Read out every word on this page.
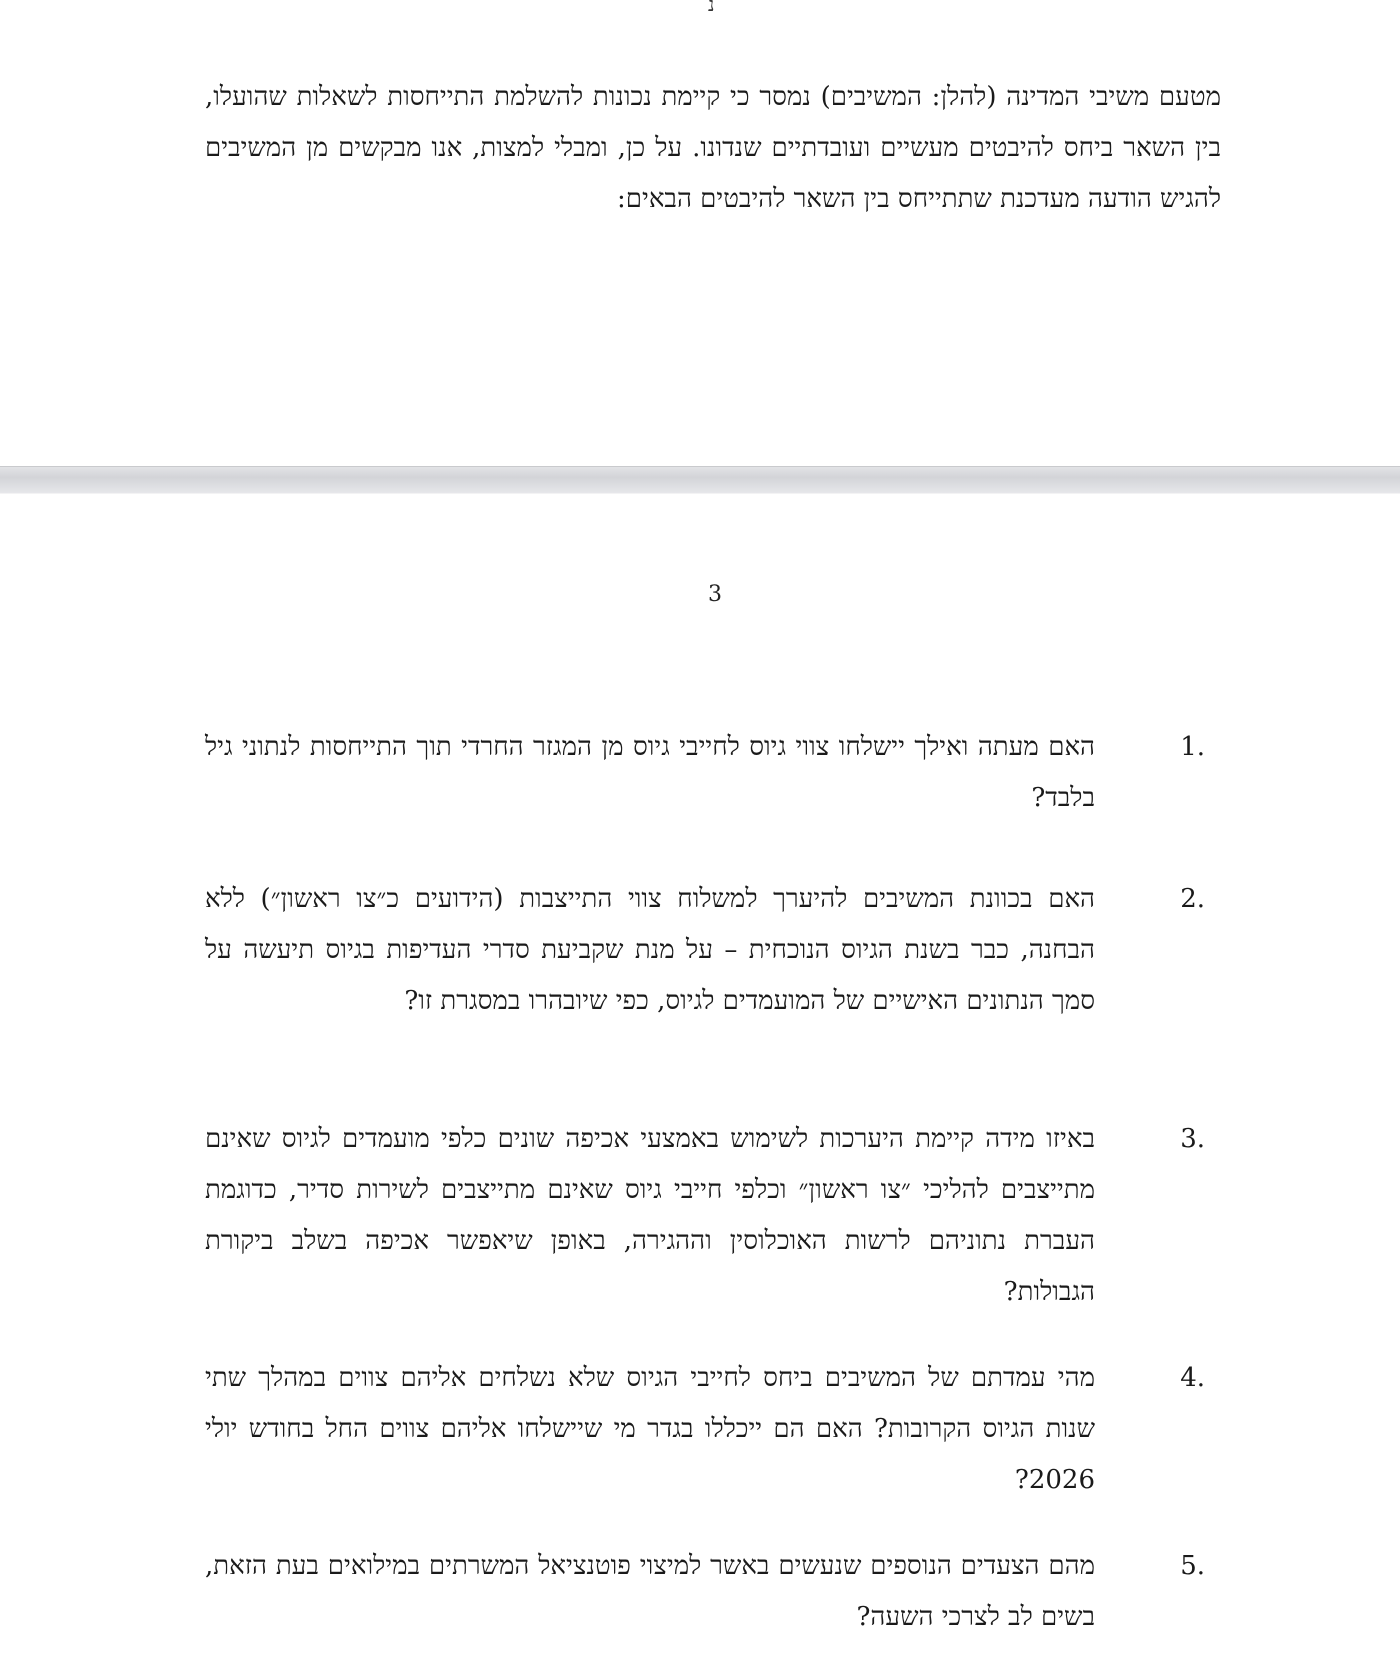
נ

מטעם משיבי המדינה (להלן: המשיבים) נמסר כי קיימת נכונות להשלמת התייחסות לשאלות שהועלו, בין השאר ביחס להיבטים מעשיים ועובדתיים שנדונו. על כן, ומבלי למצות, אנו מבקשים מן המשיבים להגיש הודעה מעדכנת שתתייחס בין השאר להיבטים הבאים:

3
.1
האם מעתה ואילך יישלחו צווי גיוס לחייבי גיוס מן המגזר החרדי תוך התייחסות לנתוני גיל בלבד?
.2
האם בכוונת המשיבים להיערך למשלוח צווי התייצבות (הידועים כ״צו ראשון״) ללא הבחנה, כבר בשנת הגיוס הנוכחית – על מנת שקביעת סדרי העדיפות בגיוס תיעשה על סמך הנתונים האישיים של המועמדים לגיוס, כפי שיובהרו במסגרת זו?
.3
באיזו מידה קיימת היערכות לשימוש באמצעי אכיפה שונים כלפי מועמדים לגיוס שאינם מתייצבים להליכי ״צו ראשון״ וכלפי חייבי גיוס שאינם מתייצבים לשירות סדיר, כדוגמת העברת נתוניהם לרשות האוכלוסין וההגירה, באופן שיאפשר אכיפה בשלב ביקורת הגבולות?
.4
מהי עמדתם של המשיבים ביחס לחייבי הגיוס שלא נשלחים אליהם צווים במהלך שתי שנות הגיוס הקרובות? האם הם ייכללו בגדר מי שיישלחו אליהם צווים החל בחודש יולי 2026?
.5
מהם הצעדים הנוספים שנעשים באשר למיצוי פוטנציאל המשרתים במילואים בעת הזאת, בשים לב לצרכי השעה?
